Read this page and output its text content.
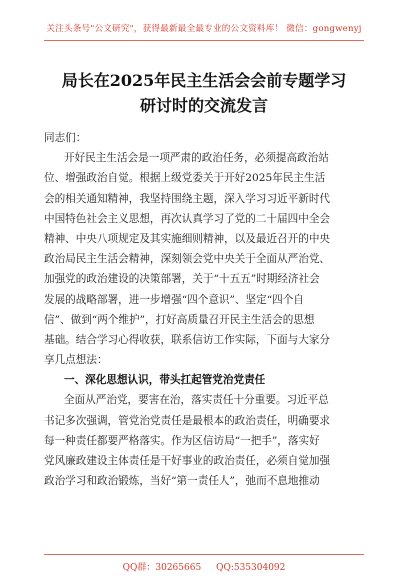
关注头条号"公文研究"，获得最新最全最专业的公文资料库！ 微信：gongwenyj
局长在2025年民主生活会会前专题学习
研讨时的交流发言
同志们：
开好民主生活会是一项严肃的政治任务，必须提高政治站
位、增强政治自觉。根据上级党委关于开好2025年民主生活
会的相关通知精神，我坚持围绕主题，深入学习习近平新时代
中国特色社会主义思想，再次认真学习了党的二十届四中全会
精神、中央八项规定及其实施细则精神，以及最近召开的中央
政治局民主生活会精神，深刻领会党中央关于全面从严治党、
加强党的政治建设的决策部署，关于“十五五”时期经济社会
发展的战略部署，进一步增强“四个意识”、坚定“四个自
信”、做到“两个维护”，打好高质量召开民主生活会的思想
基础。结合学习心得收获，联系信访工作实际，下面与大家分
享几点想法：
一、深化思想认识，带头扛起管党治党责任
全面从严治党，要害在治，落实责任十分重要。习近平总
书记多次强调，管党治党责任是最根本的政治责任，明确要求
每一种责任都要严格落实。作为区信访局“一把手”，落实好
党风廉政建设主体责任是干好事业的政治责任，必须自觉加强
政治学习和政治锻炼，当好“第一责任人”，弛而不息地推动
QQ群：30265665 QQ:535304092
